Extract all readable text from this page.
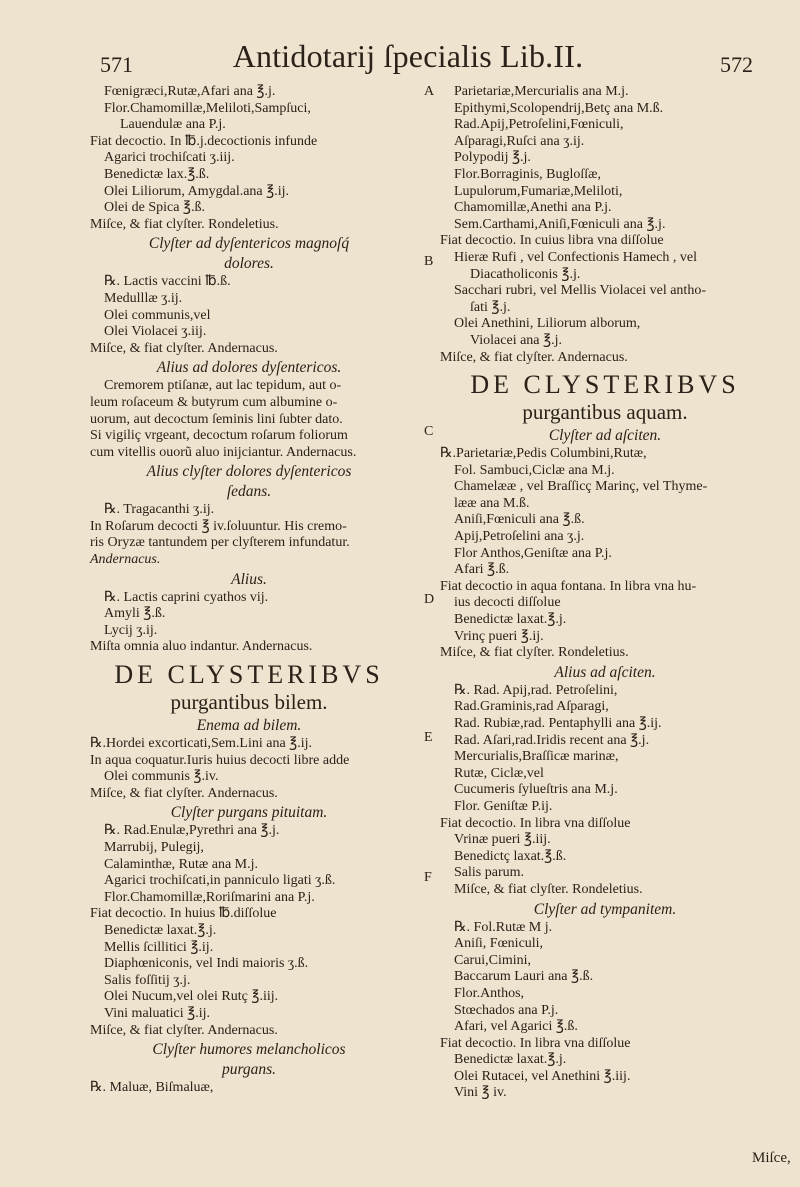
571	Antidotarij ſpecialis Lib.II.	572

Fœnigræci,Rutæ,Afari ana ℥.j.

Flor.Chamomillæ,Meliloti,Sampſuci,

Lauendulæ ana P.j.

Fiat decoctio. In ℔.j.decoctionis infunde

Agarici trochiſcati ʒ.iij.

Benedictæ lax.℥.ß.

Olei Liliorum, Amygdal.ana ℥.ij.

Olei de Spica ℥.ß.

Miſce, & fiat clyſter. Rondeletius.

Clyſter ad dyſentericos magnoſq́

dolores.

℞. Lactis vaccini ℔.ß.

Medulllæ ʒ.ij.

Olei communis,vel

Olei Violacei ʒ.iij.

Miſce, & fiat clyſter. Andernacus.

Alius ad dolores dyſentericos.

Cremorem ptiſanæ, aut lac tepidum, aut o-

leum roſaceum & butyrum cum albumine o-

uorum, aut decoctum ſeminis lini ſubter dato.

Si vigiliç vrgeant, decoctum roſarum foliorum

cum vitellis ouorũ aluo inijciantur. Andernacus.

Alius clyſter dolores dyſentericos

ſedans.

℞. Tragacanthi ʒ.ij.

In Roſarum decocti ℥ iv.ſoluuntur. His cremo-

ris Oryzæ tantundem per clyſterem infundatur.

Andernacus.

Alius.

℞. Lactis caprini cyathos vij.

Amyli ℥.ß.

Lycij ʒ.ij.

Miſta omnia aluo indantur. Andernacus.

DE CLYSTERIBVS

purgantibus bilem.

Enema ad bilem.

℞.Hordei excorticati,Sem.Lini ana ℥.ij.

In aqua coquatur.Iuris huius decocti libre adde

Olei communis ℥.iv.

Miſce, & fiat clyſter. Andernacus.

Clyſter purgans pituitam.

℞. Rad.Enulæ,Pyrethri ana ℥.j.

Marrubij, Pulegij,

Calaminthæ, Rutæ ana M.j.

Agarici trochiſcati,in panniculo ligati ʒ.ß.

Flor.Chamomillæ,Roriſmarini ana P.j.

Fiat decoctio. In huius ℔.diſſolue

Benedictæ laxat.℥.j.

Mellis ſcillitici ℥.ij.

Diaphœniconis, vel Indi maioris ʒ.ß.

Salis foſſitij ʒ.j.

Olei Nucum,vel olei Rutç ℥.iij.

Vini maluatici ℥.ij.

Miſce, & fiat clyſter. Andernacus.

Clyſter humores melancholicos

purgans.

℞. Maluæ, Biſmaluæ,

Parietariæ,Mercurialis ana M.j.

Epithymi,Scolopendrij,Betç ana M.ß.

Rad.Apij,Petroſelini,Fœniculi,

Aſparagi,Ruſci ana ʒ.ij.

Polypodij ℥.j.

Flor.Borraginis, Bugloſſæ,

Lupulorum,Fumariæ,Meliloti,

Chamomillæ,Anethi ana P.j.

Sem.Carthami,Aniſi,Fœniculi ana ℥.j.

Fiat decoctio. In cuius libra vna diſſolue

Hieræ Rufi , vel Confectionis Hamech , vel

Diacatholiconis ℥.j.

Sacchari rubri, vel Mellis Violacei vel antho-

ſati ℥.j.

Olei Anethini, Liliorum alborum,

Violacei ana ℥.j.

Miſce, & fiat clyſter. Andernacus.

DE CLYSTERIBVS

purgantibus aquam.

Clyſter ad aſciten.

℞.Parietariæ,Pedis Columbini,Rutæ,

Fol. Sambuci,Ciclæ ana M.j.

Chamelææ , vel Braſſicç Marinç, vel Thyme-

lææ ana M.ß.

Aniſi,Fœniculi ana ℥.ß.

Apij,Petroſelini ana ʒ.j.

Flor Anthos,Geniſtæ ana P.j.

Afari ℥.ß.

Fiat decoctio in aqua fontana. In libra vna hu-

ius decocti diſſolue

Benedictæ laxat.℥.j.

Vrinç pueri ℥.ij.

Miſce, & fiat clyſter. Rondeletius.

Alius ad aſciten.

℞. Rad. Apij,rad. Petroſelini,

Rad.Graminis,rad Aſparagi,

Rad. Rubiæ,rad. Pentaphylli ana ℥.ij.

Rad. Aſari,rad.Iridis recent ana ℥.j.

Mercurialis,Braſſicæ marinæ,

Rutæ, Ciclæ,vel

Cucumeris ſylueſtris ana M.j.

Flor. Geniſtæ P.ij.

Fiat decoctio. In libra vna diſſolue

Vrinæ pueri ℥.iij.

Benedictç laxat.℥.ß.

Salis parum.

Miſce, & fiat clyſter. Rondeletius.

Clyſter ad tympanitem.

℞. Fol.Rutæ M j.

Aniſi, Fœniculi,

Carui,Cimini,

Baccarum Lauri ana ℥.ß.

Flor.Anthos,

Stœchados ana P.j.

Afari, vel Agarici ℥.ß.

Fiat decoctio. In libra vna diſſolue

Benedictæ laxat.℥.j.

Olei Rutacei, vel Anethini ℥.iij.

Vini ℥ iv.

A
B
C
D
E
F
Miſce,
